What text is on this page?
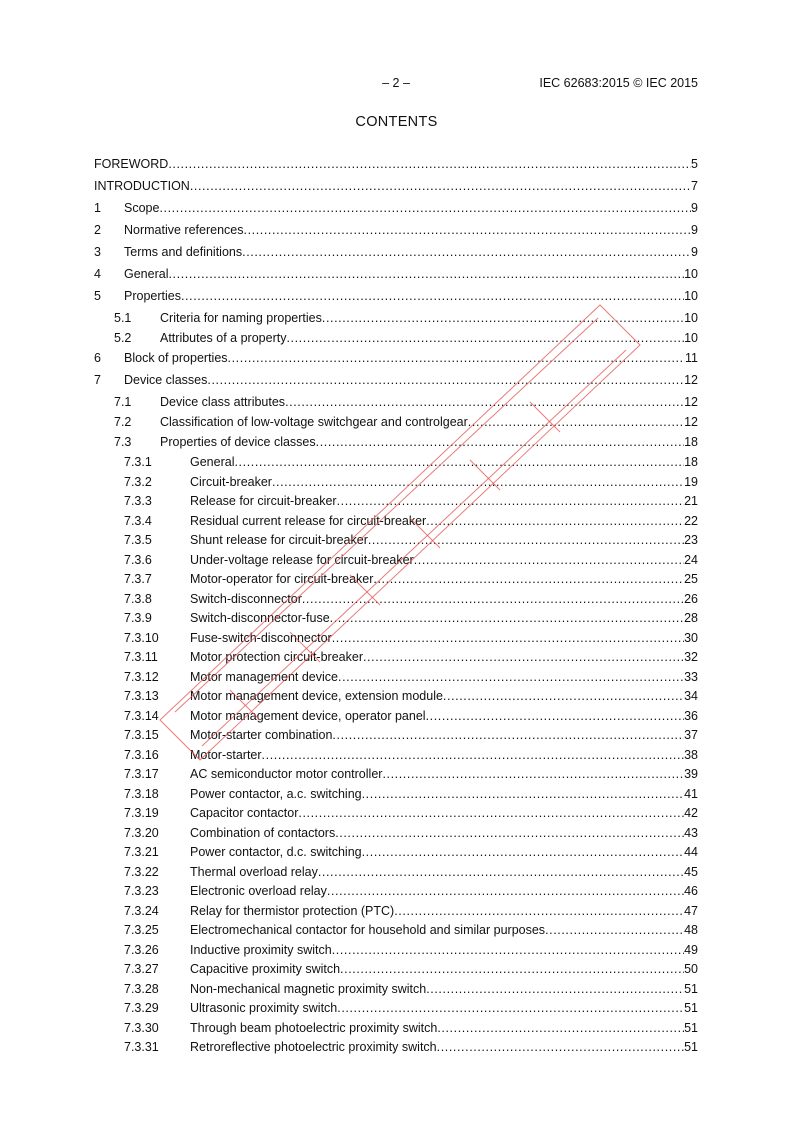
– 2 –	IEC 62683:2015 © IEC 2015
CONTENTS
FOREWORD .....	5
INTRODUCTION .....	7
1	Scope .....	9
2	Normative references .....	9
3	Terms and definitions .....	9
4	General .....	10
5	Properties .....	10
5.1	Criteria for naming properties .....	10
5.2	Attributes of a property .....	10
6	Block of properties .....	11
7	Device classes .....	12
7.1	Device class attributes .....	12
7.2	Classification of low-voltage switchgear and controlgear .....	12
7.3	Properties of device classes .....	18
7.3.1	General .....	18
7.3.2	Circuit-breaker .....	19
7.3.3	Release for circuit-breaker .....	21
7.3.4	Residual current release for circuit-breaker .....	22
7.3.5	Shunt release for circuit-breaker .....	23
7.3.6	Under-voltage release for circuit-breaker .....	24
7.3.7	Motor-operator for circuit-breaker .....	25
7.3.8	Switch-disconnector .....	26
7.3.9	Switch-disconnector-fuse .....	28
7.3.10	Fuse-switch-disconnector .....	30
7.3.11	Motor protection circuit-breaker .....	32
7.3.12	Motor management device .....	33
7.3.13	Motor management device, extension module .....	34
7.3.14	Motor management device, operator panel .....	36
7.3.15	Motor-starter combination .....	37
7.3.16	Motor-starter .....	38
7.3.17	AC semiconductor motor controller .....	39
7.3.18	Power contactor, a.c. switching .....	41
7.3.19	Capacitor contactor .....	42
7.3.20	Combination of contactors .....	43
7.3.21	Power contactor, d.c. switching .....	44
7.3.22	Thermal overload relay .....	45
7.3.23	Electronic overload relay .....	46
7.3.24	Relay for thermistor protection (PTC) .....	47
7.3.25	Electromechanical contactor for household and similar purposes .....	48
7.3.26	Inductive proximity switch .....	49
7.3.27	Capacitive proximity switch .....	50
7.3.28	Non-mechanical magnetic proximity switch .....	51
7.3.29	Ultrasonic proximity switch .....	51
7.3.30	Through beam photoelectric proximity switch .....	51
7.3.31	Retroreflective photoelectric proximity switch .....	51
